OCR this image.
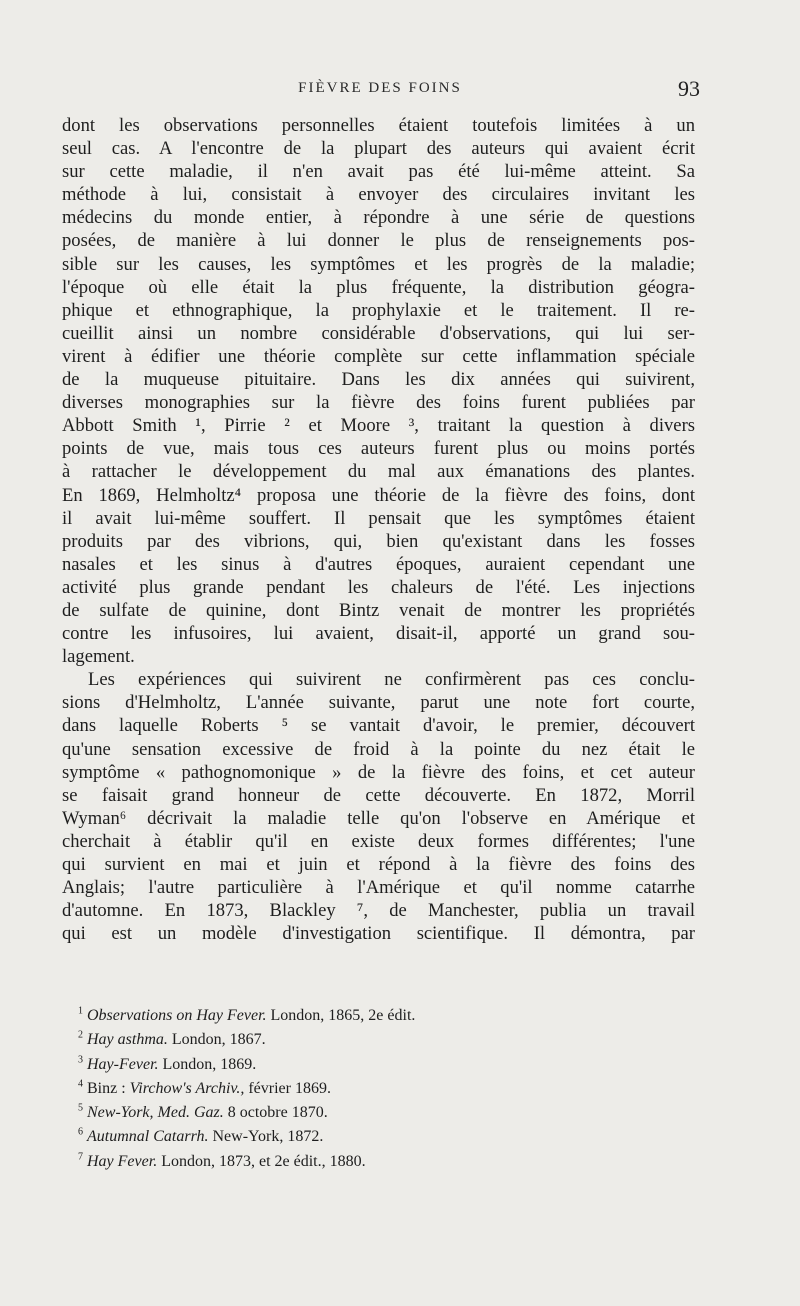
FIÈVRE DES FOINS	93
dont les observations personnelles étaient toutefois limitées à un
seul cas. A l'encontre de la plupart des auteurs qui avaient écrit
sur cette maladie, il n'en avait pas été lui-même atteint. Sa
méthode à lui, consistait à envoyer des circulaires invitant les
médecins du monde entier, à répondre à une série de questions
posées, de manière à lui donner le plus de renseignements pos-
sible sur les causes, les symptômes et les progrès de la maladie;
l'époque où elle était la plus fréquente, la distribution géogra-
phique et ethnographique, la prophylaxie et le traitement. Il re-
cueillit ainsi un nombre considérable d'observations, qui lui ser-
virent à édifier une théorie complète sur cette inflammation spéciale
de la muqueuse pituitaire. Dans les dix années qui suivirent,
diverses monographies sur la fièvre des foins furent publiées par
Abbott Smith ¹, Pirrie ² et Moore ³, traitant la question à divers
points de vue, mais tous ces auteurs furent plus ou moins portés
à rattacher le développement du mal aux émanations des plantes.
En 1869, Helmholtz⁴ proposa une théorie de la fièvre des foins, dont
il avait lui-même souffert. Il pensait que les symptômes étaient
produits par des vibrions, qui, bien qu'existant dans les fosses
nasales et les sinus à d'autres époques, auraient cependant une
activité plus grande pendant les chaleurs de l'été. Les injections
de sulfate de quinine, dont Bintz venait de montrer les propriétés
contre les infusoires, lui avaient, disait-il, apporté un grand sou-
lagement.
Les expériences qui suivirent ne confirmèrent pas ces conclu-
sions d'Helmholtz, L'année suivante, parut une note fort courte,
dans laquelle Roberts ⁵ se vantait d'avoir, le premier, découvert
qu'une sensation excessive de froid à la pointe du nez était le
symptôme « pathognomonique » de la fièvre des foins, et cet auteur
se faisait grand honneur de cette découverte. En 1872, Morril
Wyman⁶ décrivait la maladie telle qu'on l'observe en Amérique et
cherchait à établir qu'il en existe deux formes différentes; l'une
qui survient en mai et juin et répond à la fièvre des foins des
Anglais; l'autre particulière à l'Amérique et qu'il nomme catarrhe
d'automne. En 1873, Blackley ⁷, de Manchester, publia un travail
qui est un modèle d'investigation scientifique. Il démontra, par
$^1$ Observations on Hay Fever. London, 1865, 2e édit.
$^2$ Hay asthma. London, 1867.
$^3$ Hay-Fever. London, 1869.
$^4$ Binz : Virchow's Archiv., février 1869.
$^5$ New-York, Med. Gaz. 8 octobre 1870.
$^6$ Autumnal Catarrh. New-York, 1872.
$^7$ Hay Fever. London, 1873, et 2e édit., 1880.
